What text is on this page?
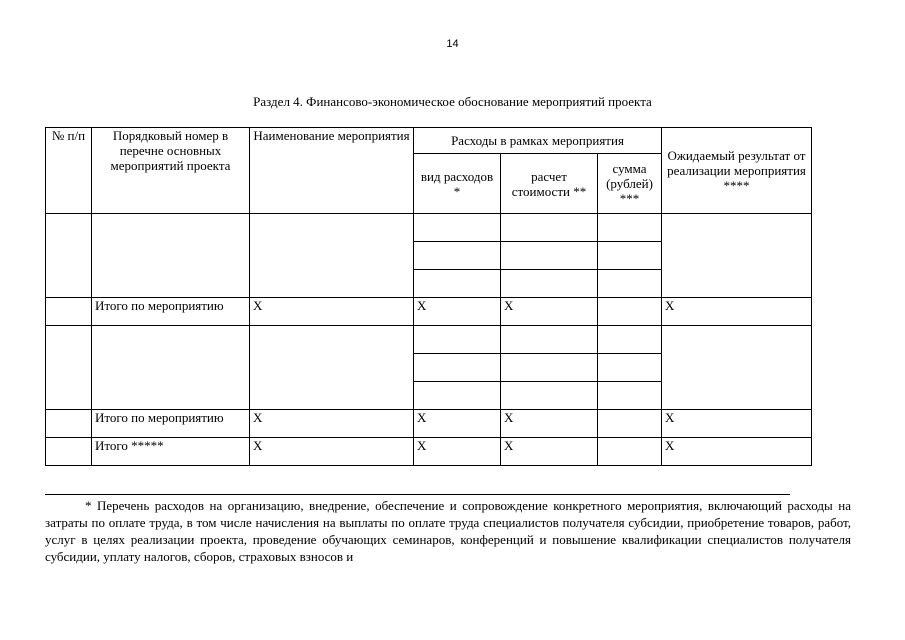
14
Раздел 4. Финансово-экономическое обоснование мероприятий проекта
№ п/п	Порядковый номер в перечне основных мероприятий проекта	Наименование мероприятия	Расходы в рамках мероприятия			Ожидаемый результат от реализации мероприятия ****
			вид расходов *	расчет стоимости **	сумма (рублей) ***	

	Итого по мероприятию	X	X	X		X

	Итого по мероприятию	X	X	X		X
	Итого *****	X	X	X		X

* Перечень расходов на организацию, внедрение, обеспечение и сопровождение конкретного мероприятия, включающий расходы на затраты по оплате труда, в том числе начисления на выплаты по оплате труда специалистов получателя субсидии, приобретение товаров, работ, услуг в целях реализации проекта, проведение обучающих семинаров, конференций и повышение квалификации специалистов получателя субсидии, уплату налогов, сборов, страховых взносов и
